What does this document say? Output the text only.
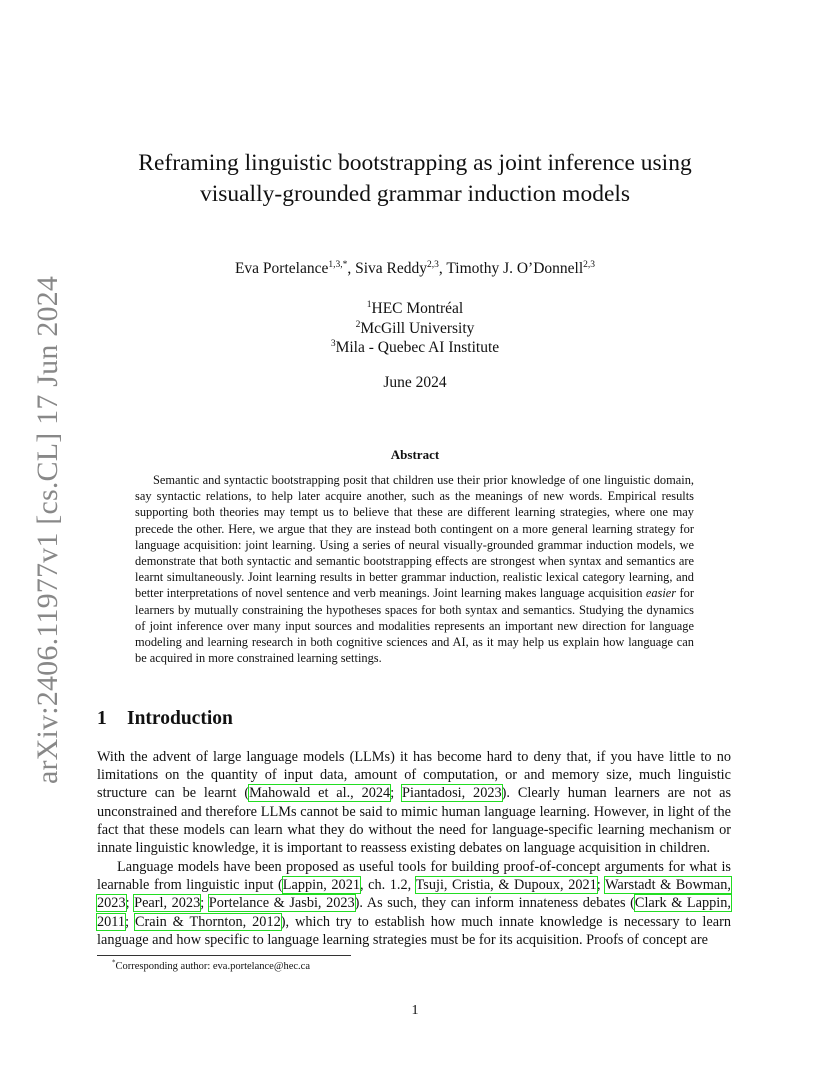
arXiv:2406.11977v1 [cs.CL] 17 Jun 2024
Reframing linguistic bootstrapping as joint inference using visually-grounded grammar induction models
Eva Portelance$^{1,3,*}$, Siva Reddy$^{2,3}$, Timothy J. O’Donnell$^{2,3}$
$^1$HEC Montréal
$^2$McGill University
$^3$Mila - Quebec AI Institute
June 2024
Abstract

Semantic and syntactic bootstrapping posit that children use their prior knowledge of one linguistic domain, say syntactic relations, to help later acquire another, such as the meanings of new words. Empirical results supporting both theories may tempt us to believe that these are different learning strategies, where one may precede the other. Here, we argue that they are instead both contingent on a more general learning strategy for language acquisition: joint learning. Using a series of neural visually-grounded grammar induction models, we demonstrate that both syntactic and semantic bootstrapping effects are strongest when syntax and semantics are learnt simultaneously. Joint learning results in better grammar induction, realistic lexical category learning, and better interpretations of novel sentence and verb meanings. Joint learning makes language acquisition easier for learners by mutually constraining the hypotheses spaces for both syntax and semantics. Studying the dynamics of joint inference over many input sources and modalities represents an important new direction for language modeling and learning research in both cognitive sciences and AI, as it may help us explain how language can be acquired in more constrained learning settings.

1 Introduction

With the advent of large language models (LLMs) it has become hard to deny that, if you have little to no limitations on the quantity of input data, amount of computation, or and memory size, much linguistic structure can be learnt (Mahowald et al., 2024; Piantadosi, 2023). Clearly human learners are not as unconstrained and therefore LLMs cannot be said to mimic human language learning. However, in light of the fact that these models can learn what they do without the need for language-specific learning mechanism or innate linguistic knowledge, it is important to reassess existing debates on language acquisition in children.

Language models have been proposed as useful tools for building proof-of-concept arguments for what is learnable from linguistic input (Lappin, 2021, ch. 1.2, Tsuji, Cristia, & Dupoux, 2021; Warstadt & Bowman, 2023; Pearl, 2023; Portelance & Jasbi, 2023). As such, they can inform innateness debates (Clark & Lappin, 2011; Crain & Thornton, 2012), which try to establish how much innate knowledge is necessary to learn language and how specific to language learning strategies must be for its acquisition. Proofs of concept are

*Corresponding author: eva.portelance@hec.ca
1
